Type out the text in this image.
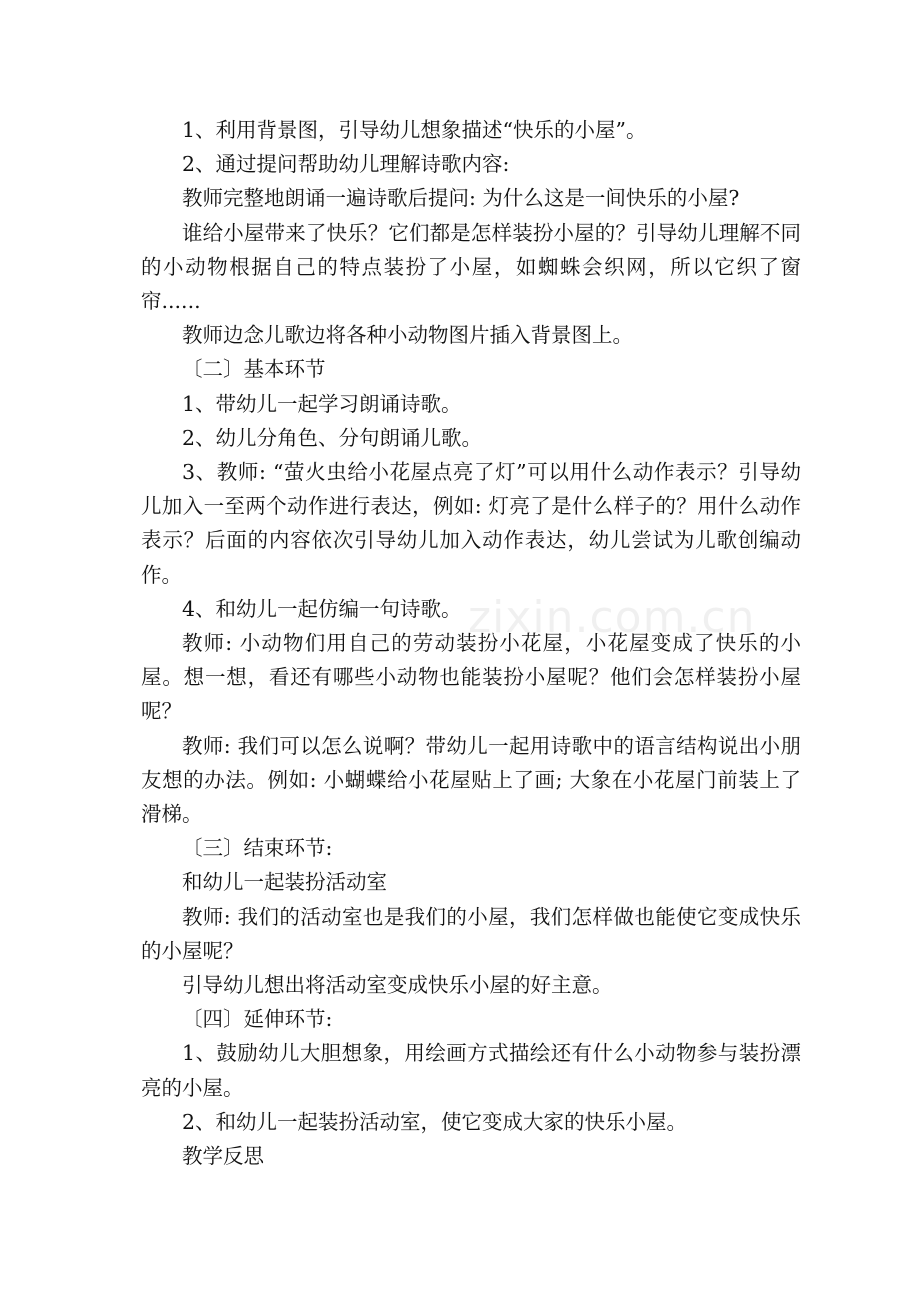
1、利用背景图，引导幼儿想象描述“快乐的小屋”。

2、通过提问帮助幼儿理解诗歌内容:

教师完整地朗诵一遍诗歌后提问: 为什么这是一间快乐的小屋?

谁给小屋带来了快乐？它们都是怎样装扮小屋的？引导幼儿理解不同的小动物根据自己的特点装扮了小屋，如蜘蛛会织网，所以它织了窗帘......

教师边念儿歌边将各种小动物图片插入背景图上。

〔二〕基本环节

1、带幼儿一起学习朗诵诗歌。

2、幼儿分角色、分句朗诵儿歌。

3、教师: “萤火虫给小花屋点亮了灯”可以用什么动作表示？引导幼儿加入一至两个动作进行表达，例如: 灯亮了是什么样子的？用什么动作表示？后面的内容依次引导幼儿加入动作表达，幼儿尝试为儿歌创编动作。

4、和幼儿一起仿编一句诗歌。

教师: 小动物们用自己的劳动装扮小花屋，小花屋变成了快乐的小屋。想一想，看还有哪些小动物也能装扮小屋呢？他们会怎样装扮小屋呢？

教师: 我们可以怎么说啊？带幼儿一起用诗歌中的语言结构说出小朋友想的办法。例如: 小蝴蝶给小花屋贴上了画; 大象在小花屋门前装上了滑梯。

〔三〕结束环节:

和幼儿一起装扮活动室

教师: 我们的活动室也是我们的小屋，我们怎样做也能使它变成快乐的小屋呢？

引导幼儿想出将活动室变成快乐小屋的好主意。

〔四〕延伸环节:

1、鼓励幼儿大胆想象，用绘画方式描绘还有什么小动物参与装扮漂亮的小屋。

2、和幼儿一起装扮活动室，使它变成大家的快乐小屋。

教学反思

zixin.com.cn
